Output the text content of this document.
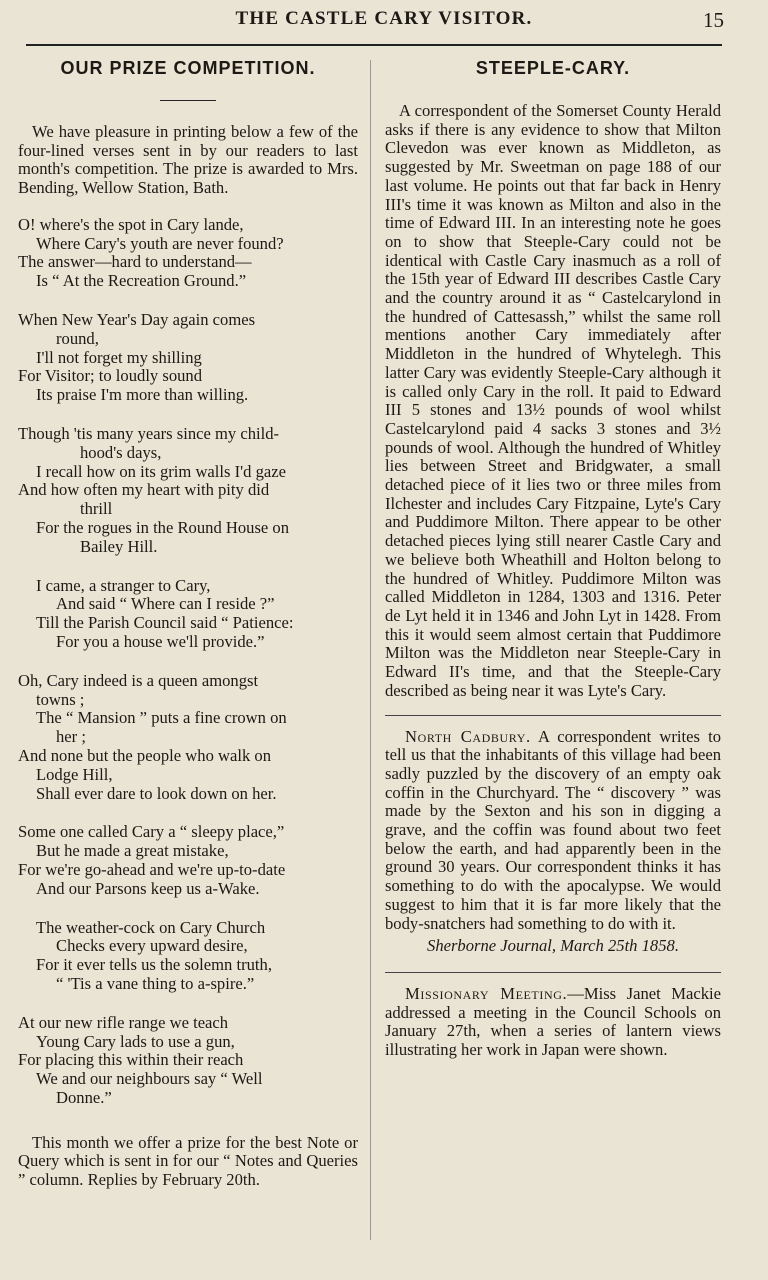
THE CASTLE CARY VISITOR.	15
OUR PRIZE COMPETITION.

We have pleasure in printing below a few of the four-lined verses sent in by our readers to last month's competition. The prize is awarded to Mrs. Bending, Wellow Station, Bath.

O! where's the spot in Cary lande,
Where Cary's youth are never found?
The answer—hard to understand—
Is “ At the Recreation Ground.”
When New Year's Day again comes
round,
I'll not forget my shilling
For Visitor; to loudly sound
Its praise I'm more than willing.
Though 'tis many years since my child-
hood's days,
I recall how on its grim walls I'd gaze
And how often my heart with pity did
thrill
For the rogues in the Round House on
Bailey Hill.
I came, a stranger to Cary,
And said “ Where can I reside ?”
Till the Parish Council said “ Patience:
For you a house we'll provide.”
Oh, Cary indeed is a queen amongst
towns ;
The “ Mansion ” puts a fine crown on
her ;
And none but the people who walk on
Lodge Hill,
Shall ever dare to look down on her.
Some one called Cary a “ sleepy place,”
But he made a great mistake,
For we're go-ahead and we're up-to-date
And our Parsons keep us a-Wake.
The weather-cock on Cary Church
Checks every upward desire,
For it ever tells us the solemn truth,
“ 'Tis a vane thing to a-spire.”
At our new rifle range we teach
Young Cary lads to use a gun,
For placing this within their reach
We and our neighbours say “ Well
Donne.”

This month we offer a prize for the best Note or Query which is sent in for our “ Notes and Queries ” column. Replies by February 20th.

STEEPLE-CARY.

A correspondent of the Somerset County Herald asks if there is any evidence to show that Milton Clevedon was ever known as Middleton, as suggested by Mr. Sweetman on page 188 of our last volume. He points out that far back in Henry III's time it was known as Milton and also in the time of Edward III. In an interesting note he goes on to show that Steeple-Cary could not be identical with Castle Cary inasmuch as a roll of the 15th year of Edward III describes Castle Cary and the country around it as “ Castelcarylond in the hundred of Cattesassh,” whilst the same roll mentions another Cary immediately after Middleton in the hundred of Whytelegh. This latter Cary was evidently Steeple-Cary although it is called only Cary in the roll. It paid to Edward III 5 stones and 13½ pounds of wool whilst Castelcarylond paid 4 sacks 3 stones and 3½ pounds of wool. Although the hundred of Whitley lies between Street and Bridgwater, a small detached piece of it lies two or three miles from Ilchester and includes Cary Fitzpaine, Lyte's Cary and Puddimore Milton. There appear to be other detached pieces lying still nearer Castle Cary and we believe both Wheathill and Holton belong to the hundred of Whitley. Puddimore Milton was called Middleton in 1284, 1303 and 1316. Peter de Lyt held it in 1346 and John Lyt in 1428. From this it would seem almost certain that Puddimore Milton was the Middleton near Steeple-Cary in Edward II's time, and that the Steeple-Cary described as being near it was Lyte's Cary.

North Cadbury. A correspondent writes to tell us that the inhabitants of this village had been sadly puzzled by the discovery of an empty oak coffin in the Churchyard. The “ discovery ” was made by the Sexton and his son in digging a grave, and the coffin was found about two feet below the earth, and had apparently been in the ground 30 years. Our correspondent thinks it has something to do with the apocalypse. We would suggest to him that it is far more likely that the body-snatchers had something to do with it.

Sherborne Journal, March 25th 1858.

Missionary Meeting.—Miss Janet Mackie addressed a meeting in the Council Schools on January 27th, when a series of lantern views illustrating her work in Japan were shown.
